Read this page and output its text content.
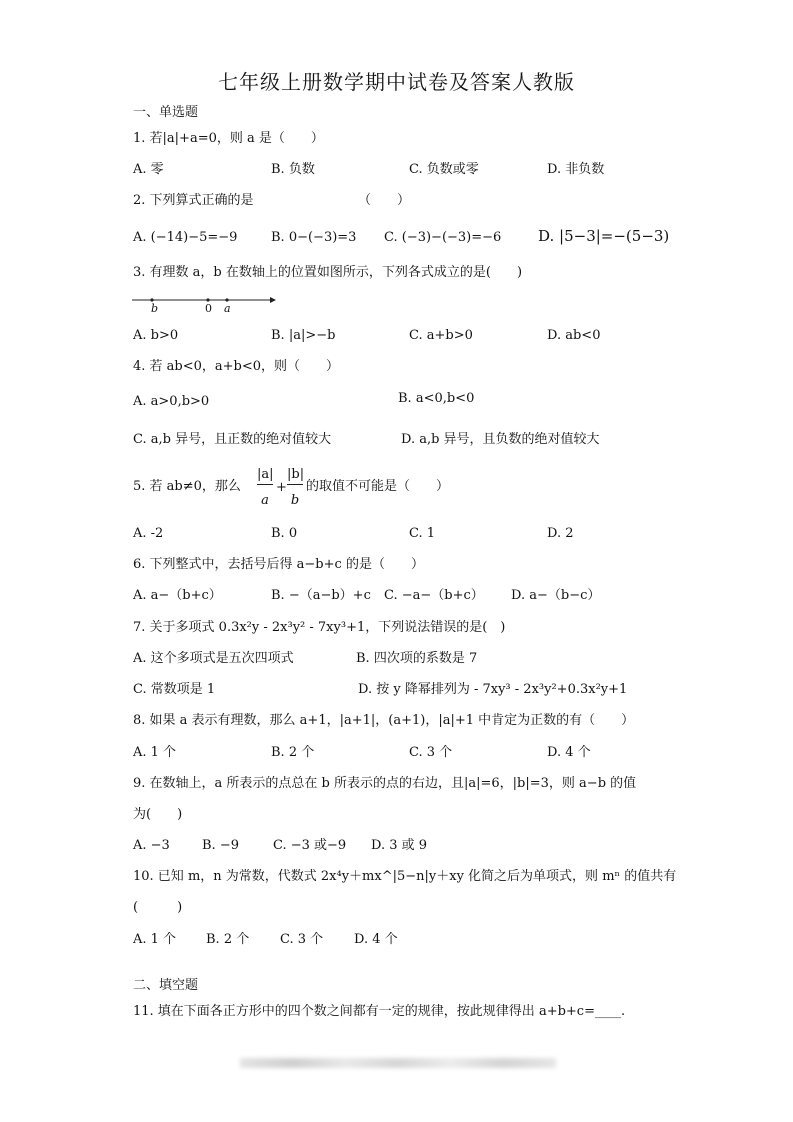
七年级上册数学期中试卷及答案人教版
一、单选题
1. 若|a|+a=0，则 a 是（　　）
A. 零	B. 负数	C. 负数或零	D. 非负数
2. 下列算式正确的是	（　　）
A. (−14)−5=−9	B. 0−(−3)=3 C. (−3)−(−3)=−6 D. |5−3|=−(5−3)
3. 有理数 a，b 在数轴上的位置如图所示，下列各式成立的是(　　)
b	0 a
A. b>0	B. |a|>−b	C. a+b>0	D. ab<0
4. 若 ab<0，a+b<0，则（　　）
A. a>0,b>0	B. a<0,b<0
C. a,b 异号，且正数的绝对值较大	D. a,b 异号，且负数的绝对值较大
5. 若 ab≠0，那么
|a|
a
+
|b|
b
的取值不可能是（　　）
A. -2	B. 0	C. 1	D. 2
6. 下列整式中，去括号后得 a−b+c 的是（　　）
A. a−（b+c）	B. −（a−b）+c C. −a−（b+c） D. a−（b−c）
7. 关于多项式 0.3x²y - 2x³y² - 7xy³+1，下列说法错误的是(　)
A. 这个多项式是五次四项式	B. 四次项的系数是 7
C. 常数项是 1	D. 按 y 降幂排列为 - 7xy³ - 2x³y²+0.3x²y+1
8. 如果 a 表示有理数，那么 a+1，|a+1|，(a+1)，|a|+1 中肯定为正数的有（　　）
A. 1 个	B. 2 个	C. 3 个	D. 4 个
9. 在数轴上，a 所表示的点总在 b 所表示的点的右边，且|a|=6，|b|=3，则 a−b 的值
为(　　)
A. −3 B. −9	C. −3 或−9 D. 3 或 9
10. 已知 m，n 为常数，代数式 2x⁴y＋mx^|5−n|y＋xy 化简之后为单项式，则 mⁿ 的值共有
(　　　)
A. 1 个 B. 2 个 C. 3 个 D. 4 个
二、填空题
11. 填在下面各正方形中的四个数之间都有一定的规律，按此规律得出 a+b+c=____.
